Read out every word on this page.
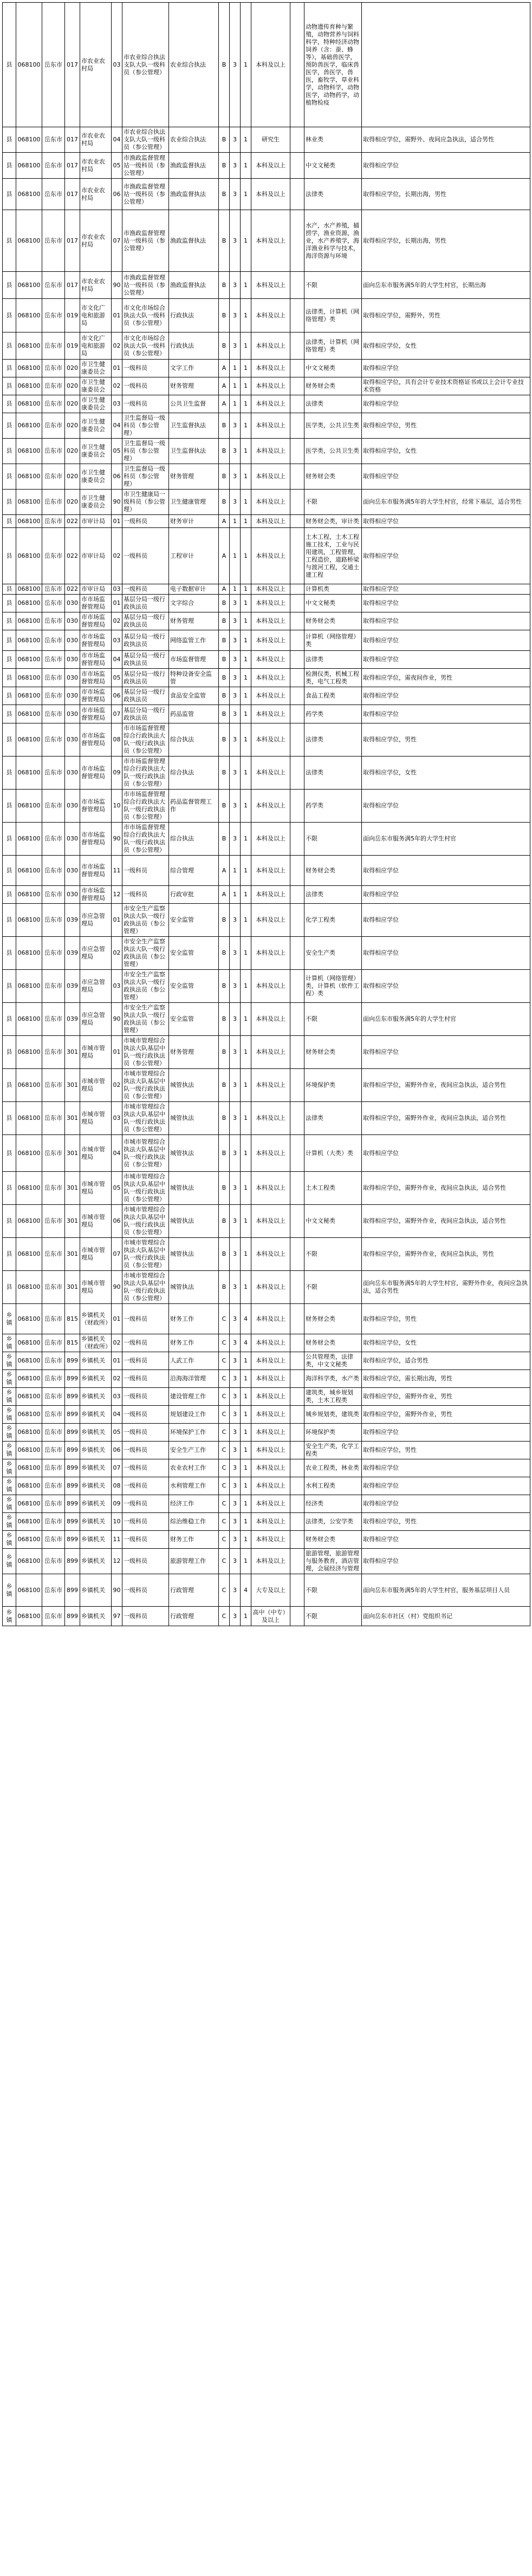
县	068100	岳东市	017	市农业农村局	03	市农业综合执法支队大队一级科员（参公管理）	农业综合执法	B	3	1	本科及以上		动物遗传育种与繁殖，动物营养与饲料科学，特种经济动物饲养（含：蚕、蜂等），基础兽医学，预防兽医学，临床兽医学，兽医学，兽医，畜牧学，草业科学，动物科学，动物医学，动物药学，动植物检疫	
县	068100	岳东市	017	市农业农村局	04	市农业综合执法支队大队一级科员（参公管理）	农业综合执法	B	3	1	研究生		林业类	取得相应学位，需野外、夜间应急执法，适合男性
县	068100	岳东市	017	市农业农村局	05	市渔政监督管理站一级科员（参公管理）	渔政监督执法	B	3	1	本科及以上		中文文秘类	取得相应学位
县	068100	岳东市	017	市农业农村局	06	市渔政监督管理站一级科员（参公管理）	渔政监督执法	B	3	1	本科及以上		法律类	取得相应学位，长期出海，男性
县	068100	岳东市	017	市农业农村局	07	市渔政监督管理站一级科员（参公管理）	渔政监督执法	B	3	1	本科及以上		水产，水产养殖，捕捞学，渔业资源，渔业，水产养殖学，海洋渔业科学与技术，海洋资源与环境	取得相应学位，长期出海，男性
县	068100	岳东市	017	市农业农村局	90	市渔政监督管理站一级科员（参公管理）	渔政监督执法	B	3	1	本科及以上		不限	面向岳东市服务满5年的大学生村官，长期出海
县	068100	岳东市	019	市文化广电和旅游局	01	市文化市场综合执法大队一级科员（参公管理）	行政执法	B	3	1	本科及以上		法律类，计算机（网络管理）类	取得相应学位，需野外，男性
县	068100	岳东市	019	市文化广电和旅游局	02	市文化市场综合执法大队一级科员（参公管理）	行政执法	B	3	1	本科及以上		法律类，计算机（网络管理）类	取得相应学位，女性
县	068100	岳东市	020	市卫生健康委员会	01	一级科员	文字工作	A	1	1	本科及以上		中文文秘类	取得相应学位
县	068100	岳东市	020	市卫生健康委员会	02	一级科员	财务管理	A	1	1	本科及以上		财务财会类	取得相应学位，具有会计专业技术资格证书或以上会计专业技术资格
县	068100	岳东市	020	市卫生健康委员会	03	一级科员	公共卫生监督	A	1	1	本科及以上		法律类	取得相应学位
县	068100	岳东市	020	市卫生健康委员会	04	卫生监督局一级科员（参公管理）	卫生监督执法	B	3	1	本科及以上		医学类，公共卫生类	取得相应学位，男性
县	068100	岳东市	020	市卫生健康委员会	05	卫生监督局一级科员（参公管理）	卫生监督执法	B	3	1	本科及以上		医学类，公共卫生类	取得相应学位，女性
县	068100	岳东市	020	市卫生健康委员会	06	卫生监督局一级科员（参公管理）	财务管理	B	3	1	本科及以上		财务财会类	取得相应学位
县	068100	岳东市	020	市卫生健康委员会	90	市卫生健康局一级科员（参公管理）	卫生健康管理	B	3	1	本科及以上		不限	面向岳东市服务满5年的大学生村官，经常下基层，适合男性
县	068100	岳东市	022	市审计局	01	一级科员	财务审计	A	1	1	本科及以上		财务财会类，审计类	取得相应学位
县	068100	岳东市	022	市审计局	02	一级科员	工程审计	A	1	1	本科及以上		土木工程，土木工程施工技术，工业与民用建筑，工程管理，工程造价，道路桥梁与渡河工程，交通土建工程	取得相应学位
县	068100	岳东市	022	市审计局	03	一级科员	电子数据审计	A	1	1	本科及以上		计算机类	取得相应学位
县	068100	岳东市	030	市市场监督管理局	01	基层分局一级行政执法员	文字综合	B	3	1	本科及以上		中文文秘类	取得相应学位
县	068100	岳东市	030	市市场监督管理局	02	基层分局一级行政执法员	财务管理	B	3	1	本科及以上		财务财会类	取得相应学位
县	068100	岳东市	030	市市场监督管理局	03	基层分局一级行政执法员	网络监管工作	B	3	1	本科及以上		计算机（网络管理）类	取得相应学位
县	068100	岳东市	030	市市场监督管理局	04	基层分局一级行政执法员	市场监督管理	B	3	1	本科及以上		法律类	取得相应学位
县	068100	岳东市	030	市市场监督管理局	05	基层分局一级行政执法员	特种设备安全监管	B	3	1	本科及以上		检测仪类，机械工程类，电气工程类	取得相应学位，需夜间作业，男性
县	068100	岳东市	030	市市场监督管理局	06	基层分局一级行政执法员	食品安全监管	B	3	1	本科及以上		食品工程类	取得相应学位
县	068100	岳东市	030	市市场监督管理局	07	基层分局一级行政执法员	药品监管	B	3	1	本科及以上		药学类	取得相应学位
县	068100	岳东市	030	市市场监督管理局	08	市市场监督管理综合行政执法大队一级行政执法员（参公管理）	综合执法	B	3	1	本科及以上		法律类	取得相应学位，男性
县	068100	岳东市	030	市市场监督管理局	09	市市场监督管理综合行政执法大队一级行政执法员（参公管理）	综合执法	B	3	1	本科及以上		法律类	取得相应学位，女性
县	068100	岳东市	030	市市场监督管理局	10	市市场监督管理综合行政执法大队一级行政执法员（参公管理）	药品监督管理工作	B	3	1	本科及以上		药学类	取得相应学位
县	068100	岳东市	030	市市场监督管理局	90	市市场监督管理综合行政执法大队一级行政执法员（参公管理）	综合执法	B	3	1	本科及以上		不限	面向岳东市服务满5年的大学生村官
县	068100	岳东市	030	市市场监督管理局	11	一级科员	综合管理	A	1	1	本科及以上		财务财会类	取得相应学位
县	068100	岳东市	030	市市场监督管理局	12	一级科员	行政审批	A	1	1	本科及以上		法律类	取得相应学位
县	068100	岳东市	039	市应急管理局	01	市安全生产监察执法大队一级行政执法员（参公管理）	安全监管	B	3	1	本科及以上		化学工程类	取得相应学位
县	068100	岳东市	039	市应急管理局	02	市安全生产监察执法大队一级行政执法员（参公管理）	安全监管	B	3	1	本科及以上		安全生产类	取得相应学位
县	068100	岳东市	039	市应急管理局	03	市安全生产监察执法大队一级行政执法员（参公管理）	安全监管	B	3	1	本科及以上		计算机（网络管理）类，计算机（软件工程）类	取得相应学位
县	068100	岳东市	039	市应急管理局	90	市安全生产监察执法大队一级行政执法员（参公管理）	安全监管	B	3	1	本科及以上		不限	面向岳东市服务满5年的大学生村官
县	068100	岳东市	301	市城市管理局	01	市城市管理综合执法大队基层中队一级行政执法员（参公管理）	财务管理	B	3	1	本科及以上		财务财会类	取得相应学位
县	068100	岳东市	301	市城市管理局	02	市城市管理综合执法大队基层中队一级行政执法员（参公管理）	城管执法	B	3	1	本科及以上		环境保护类	取得相应学位，需野外作业，夜间应急执法，适合男性
县	068100	岳东市	301	市城市管理局	03	市城市管理综合执法大队基层中队一级行政执法员（参公管理）	城管执法	B	3	1	本科及以上		法律类	取得相应学位，需野外作业，夜间应急执法，适合男性
县	068100	岳东市	301	市城市管理局	04	市城市管理综合执法大队基层中队一级行政执法员（参公管理）	城管执法	B	3	1	本科及以上		计算机（大类）类	取得相应学位
县	068100	岳东市	301	市城市管理局	05	市城市管理综合执法大队基层中队一级行政执法员（参公管理）	城管执法	B	3	1	本科及以上		土木工程类	取得相应学位，需野外作业，夜间应急执法，适合男性
县	068100	岳东市	301	市城市管理局	06	市城市管理综合执法大队基层中队一级行政执法员（参公管理）	城管执法	B	3	1	本科及以上		中文文秘类	取得相应学位，需野外作业，夜间应急执法，适合男性
县	068100	岳东市	301	市城市管理局	07	市城市管理综合执法大队基层中队一级行政执法员（参公管理）	城管执法	B	3	1	本科及以上		不限	取得相应学位，需野外作业，夜间应急执法，男性
县	068100	岳东市	301	市城市管理局	90	市城市管理综合执法大队基层中队一级行政执法员（参公管理）	城管执法	B	3	1	本科及以上		不限	面向岳东市服务满5年的大学生村官，需野外作业，夜间应急执法，适合男性
乡镇	068100	岳东市	815	乡镇机关（财政所）	01	一级科员	财务工作	C	3	4	本科及以上		财务财会类	取得相应学位，男性
乡镇	068100	岳东市	815	乡镇机关（财政所）	02	一级科员	财务工作	C	3	4	本科及以上		财务财会类	取得相应学位，女性
乡镇	068100	岳东市	899	乡镇机关	01	一级科员	人武工作	C	3	1	本科及以上		公共管理类，法律类，中文文秘类	取得相应学位，适合男性
乡镇	068100	岳东市	899	乡镇机关	02	一级科员	沿海海洋管理	C	3	1	本科及以上		海洋科学类，水产类	取得相应学位，需长期出海，男性
乡镇	068100	岳东市	899	乡镇机关	03	一级科员	建设管理工作	C	3	1	本科及以上		建筑类，城乡规划类，土木工程类	取得相应学位，需野外作业，男性
乡镇	068100	岳东市	899	乡镇机关	04	一级科员	规划建设工作	C	3	1	本科及以上		城乡规划类，建筑类	取得相应学位，需野外作业，男性
乡镇	068100	岳东市	899	乡镇机关	05	一级科员	环境保护工作	C	3	1	本科及以上		环境保护类	取得相应学位
乡镇	068100	岳东市	899	乡镇机关	06	一级科员	安全生产工作	C	3	1	本科及以上		安全生产类，化学工程类	取得相应学位，男性
乡镇	068100	岳东市	899	乡镇机关	07	一级科员	农业农村工作	C	3	1	本科及以上		农业工程类，林业类	取得相应学位
乡镇	068100	岳东市	899	乡镇机关	08	一级科员	水利管理工作	C	3	1	本科及以上		水利工程类	取得相应学位
乡镇	068100	岳东市	899	乡镇机关	09	一级科员	经济工作	C	3	1	本科及以上		经济类	取得相应学位
乡镇	068100	岳东市	899	乡镇机关	10	一级科员	综治维稳工作	C	3	1	本科及以上		法律类，公安学类	取得相应学位，男性
乡镇	068100	岳东市	899	乡镇机关	11	一级科员	财务工作	C	3	1	本科及以上		财务财会类	取得相应学位
乡镇	068100	岳东市	899	乡镇机关	12	一级科员	旅游管理工作	C	3	1	本科及以上		旅游管理，旅游管理与服务教育，酒店管理，会展经济与管理	取得相应学位
乡镇	068100	岳东市	899	乡镇机关	90	一级科员	行政管理	C	3	4	大专及以上		不限	面向岳东市服务满5年的大学生村官，服务基层项目人员
乡镇	068100	岳东市	899	乡镇机关	97	一级科员	行政管理	C	3	1	高中（中专）及以上		不限	面向岳东市社区（村）党组织书记
